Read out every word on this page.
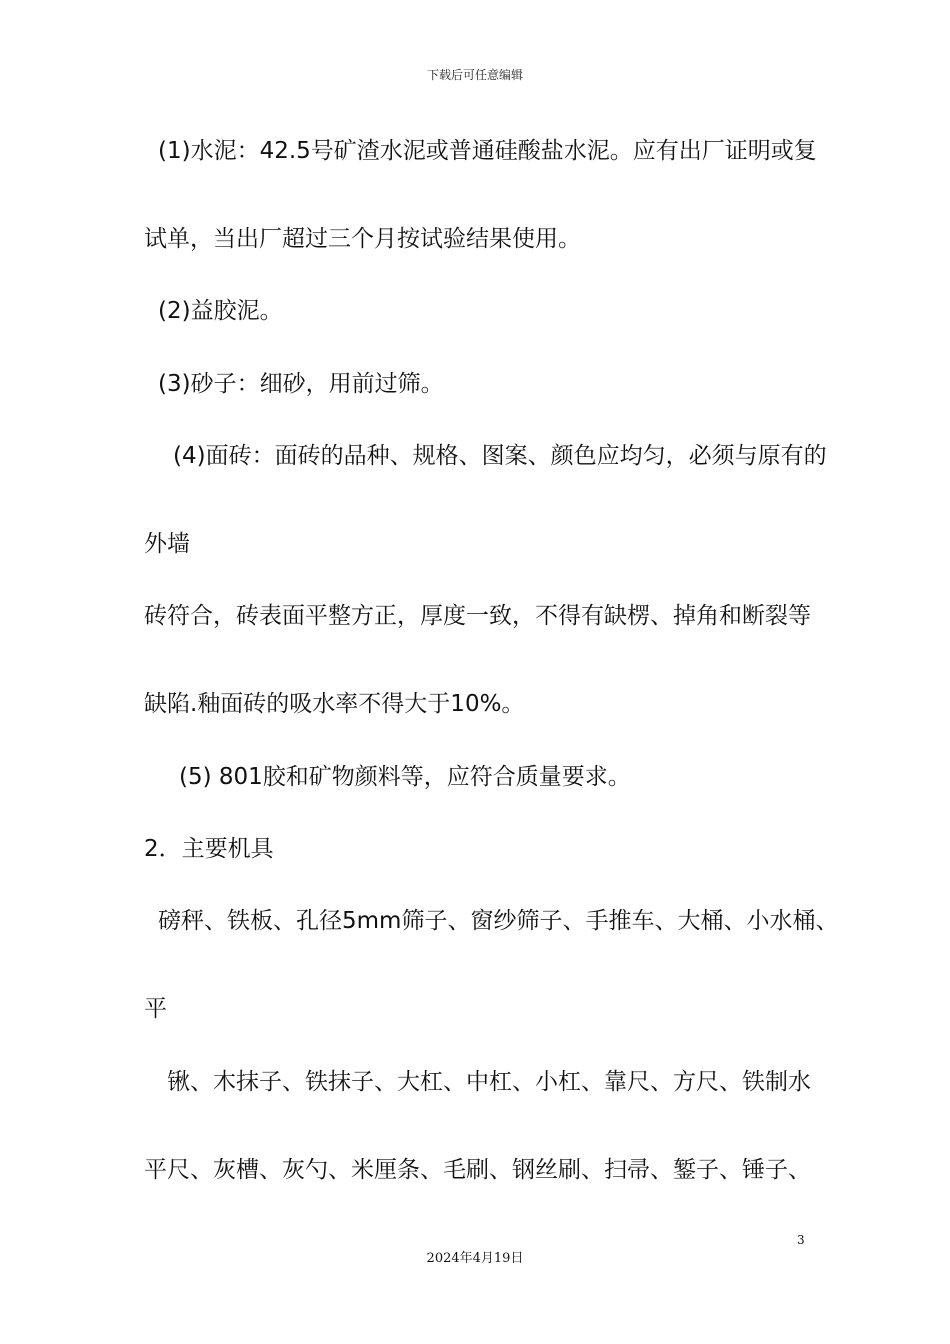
下载后可任意编辑
(1)水泥：42.5号矿渣水泥或普通硅酸盐水泥。应有出厂证明或复
试单，当出厂超过三个月按试验结果使用。
(2)益胶泥。
(3)砂子：细砂，用前过筛。
(4)面砖：面砖的品种、规格、图案、颜色应均匀，必须与原有的
外墙
砖符合，砖表面平整方正，厚度一致，不得有缺楞、掉角和断裂等
缺陷.釉面砖的吸水率不得大于10%。
(5) 801胶和矿物颜料等，应符合质量要求。
2．主要机具
磅秤、铁板、孔径5mm筛子、窗纱筛子、手推车、大桶、小水桶、
平
锹、木抹子、铁抹子、大杠、中杠、小杠、靠尺、方尺、铁制水
平尺、灰槽、灰勺、米厘条、毛刷、钢丝刷、扫帚、錾子、锤子、
3
2024年4月19日
